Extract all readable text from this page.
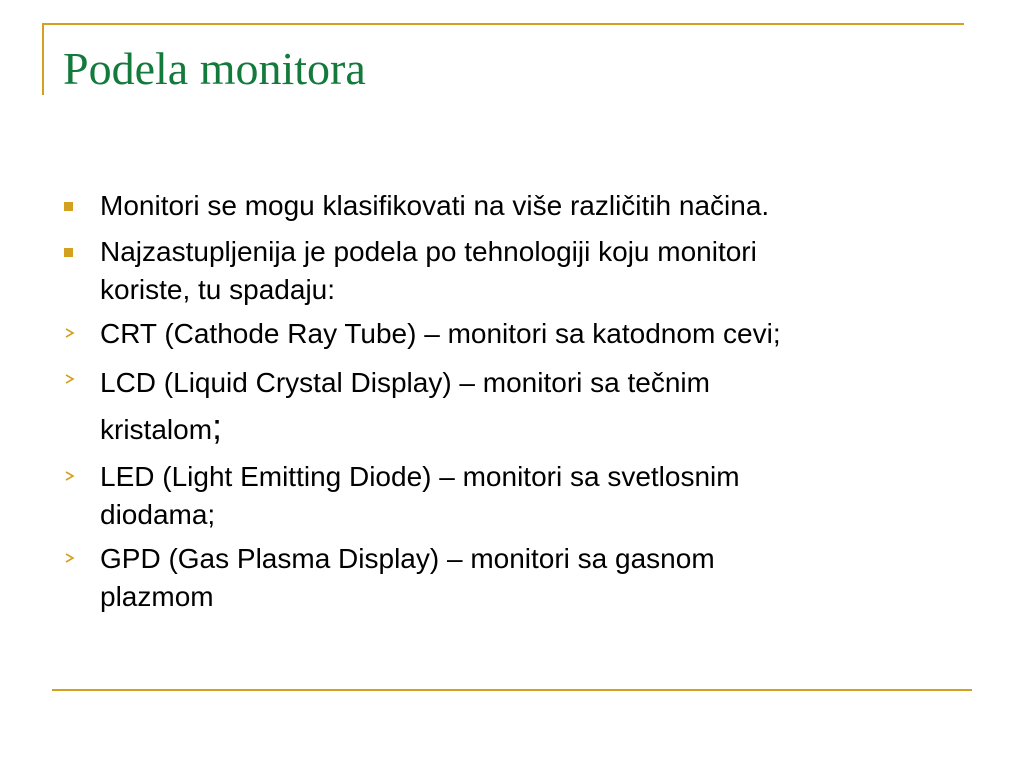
Podela monitora
Monitori se mogu klasifikovati na više različitih načina.
Najzastupljenija je podela po tehnologiji koju monitori
koriste, tu spadaju:
CRT (Cathode Ray Tube) – monitori sa katodnom cevi;
LCD (Liquid Crystal Display) – monitori sa tečnim
kristalom;
LED (Light Emitting Diode) – monitori sa svetlosnim
diodama;
GPD (Gas Plasma Display) – monitori sa gasnom
plazmom
